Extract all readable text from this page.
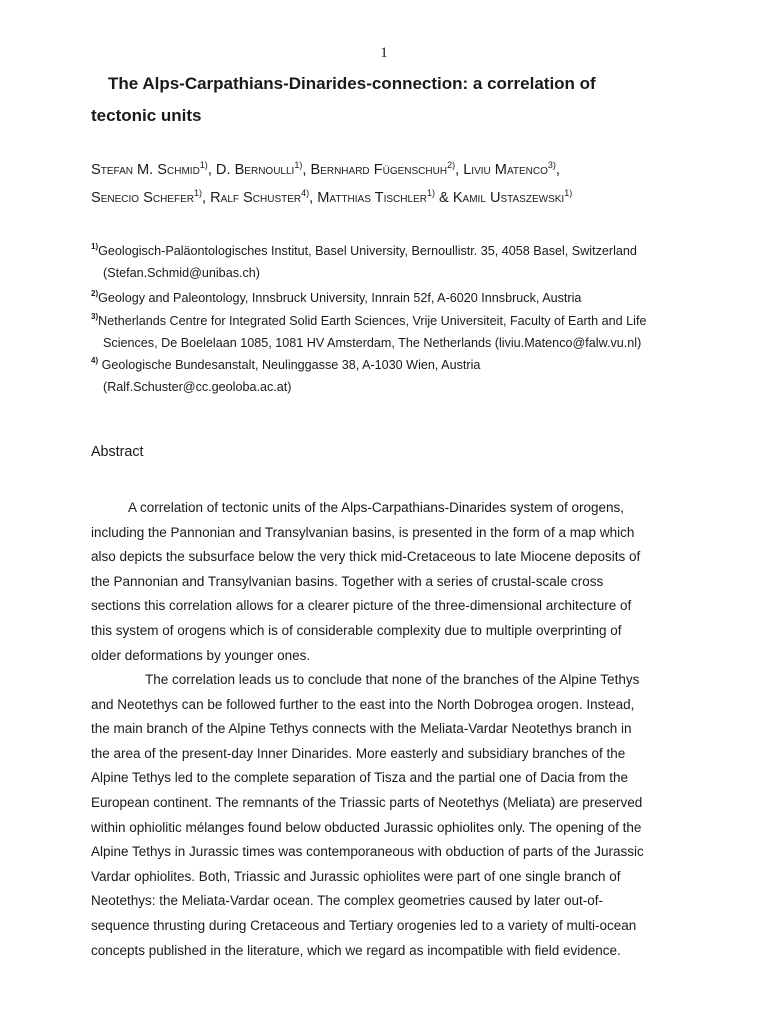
1
The Alps-Carpathians-Dinarides-connection: a correlation of
tectonic units
Stefan M. Schmid$^{1)}$, D. Bernoulli$^{1)}$, Bernhard Fügenschuh$^{2)}$, Liviu Matenco$^{3)}$,
Senecio Schefer$^{1)}$, Ralf Schuster$^{4)}$, Matthias Tischler$^{1)}$ & Kamil Ustaszewski$^{1)}$
$^{1)}$Geologisch-Paläontologisches Institut, Basel University, Bernoullistr. 35, 4058 Basel, Switzerland
(Stefan.Schmid@unibas.ch)
$^{2)}$Geology and Paleontology, Innsbruck University, Innrain 52f, A-6020 Innsbruck, Austria
$^{3)}$Netherlands Centre for Integrated Solid Earth Sciences, Vrije Universiteit, Faculty of Earth and Life
Sciences, De Boelelaan 1085, 1081 HV Amsterdam, The Netherlands (liviu.Matenco@falw.vu.nl)
$^{4)}$ Geologische Bundesanstalt, Neulinggasse 38, A-1030 Wien, Austria
(Ralf.Schuster@cc.geoloba.ac.at)
Abstract

A correlation of tectonic units of the Alps-Carpathians-Dinarides system of orogens,
including the Pannonian and Transylvanian basins, is presented in the form of a map which
also depicts the subsurface below the very thick mid-Cretaceous to late Miocene deposits of
the Pannonian and Transylvanian basins. Together with a series of crustal-scale cross
sections this correlation allows for a clearer picture of the three-dimensional architecture of
this system of orogens which is of considerable complexity due to multiple overprinting of
older deformations by younger ones.

The correlation leads us to conclude that none of the branches of the Alpine Tethys
and Neotethys can be followed further to the east into the North Dobrogea orogen. Instead,
the main branch of the Alpine Tethys connects with the Meliata-Vardar Neotethys branch in
the area of the present-day Inner Dinarides. More easterly and subsidiary branches of the
Alpine Tethys led to the complete separation of Tisza and the partial one of Dacia from the
European continent. The remnants of the Triassic parts of Neotethys (Meliata) are preserved
within ophiolitic mélanges found below obducted Jurassic ophiolites only. The opening of the
Alpine Tethys in Jurassic times was contemporaneous with obduction of parts of the Jurassic
Vardar ophiolites. Both, Triassic and Jurassic ophiolites were part of one single branch of
Neotethys: the Meliata-Vardar ocean. The complex geometries caused by later out-of-
sequence thrusting during Cretaceous and Tertiary orogenies led to a variety of multi-ocean
concepts published in the literature, which we regard as incompatible with field evidence.
